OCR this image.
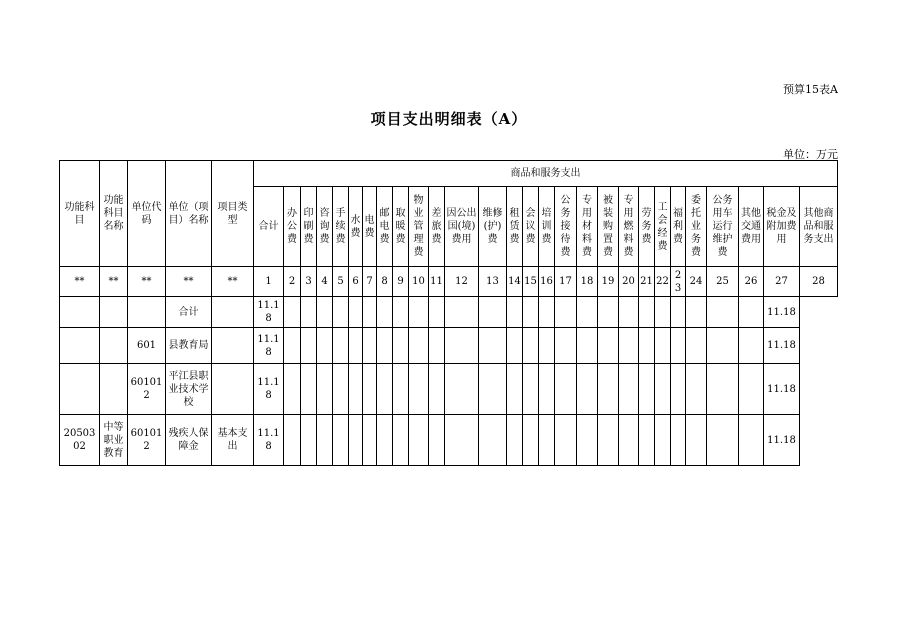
预算15表A
项目支出明细表（A）
单位：万元
功能科目	功能科目名称	单位代码	单位（项目）名称	项目类型	商品和服务支出																											
					合计	办公费	印刷费	咨询费	手续费	水费	电费	邮电费	取暖费	物业管理费	差旅费	因公出国(境)费用	维修(护)费	租赁费	会议费	培训费	公务接待费	专用材料费	被装购置费	专用燃料费	劳务费	工会经费	福利费	委托业务费	公务用车运行维护费	其他交通费用	税金及附加费用	其他商品和服务支出
**	**	**	**	**	1	2	3	4	5	6	7	8	9	10	11	12	13	14	15	16	17	18	19	20	21	22	23	24	25	26	27	28
			合计		11.18																										11.18	
		601	县教育局		11.18																										11.18	
		601012	平江县职业技术学校		11.18																										11.18	
2050302	中等职业教育	601012	残疾人保障金	基本支出	11.18																										11.18	
